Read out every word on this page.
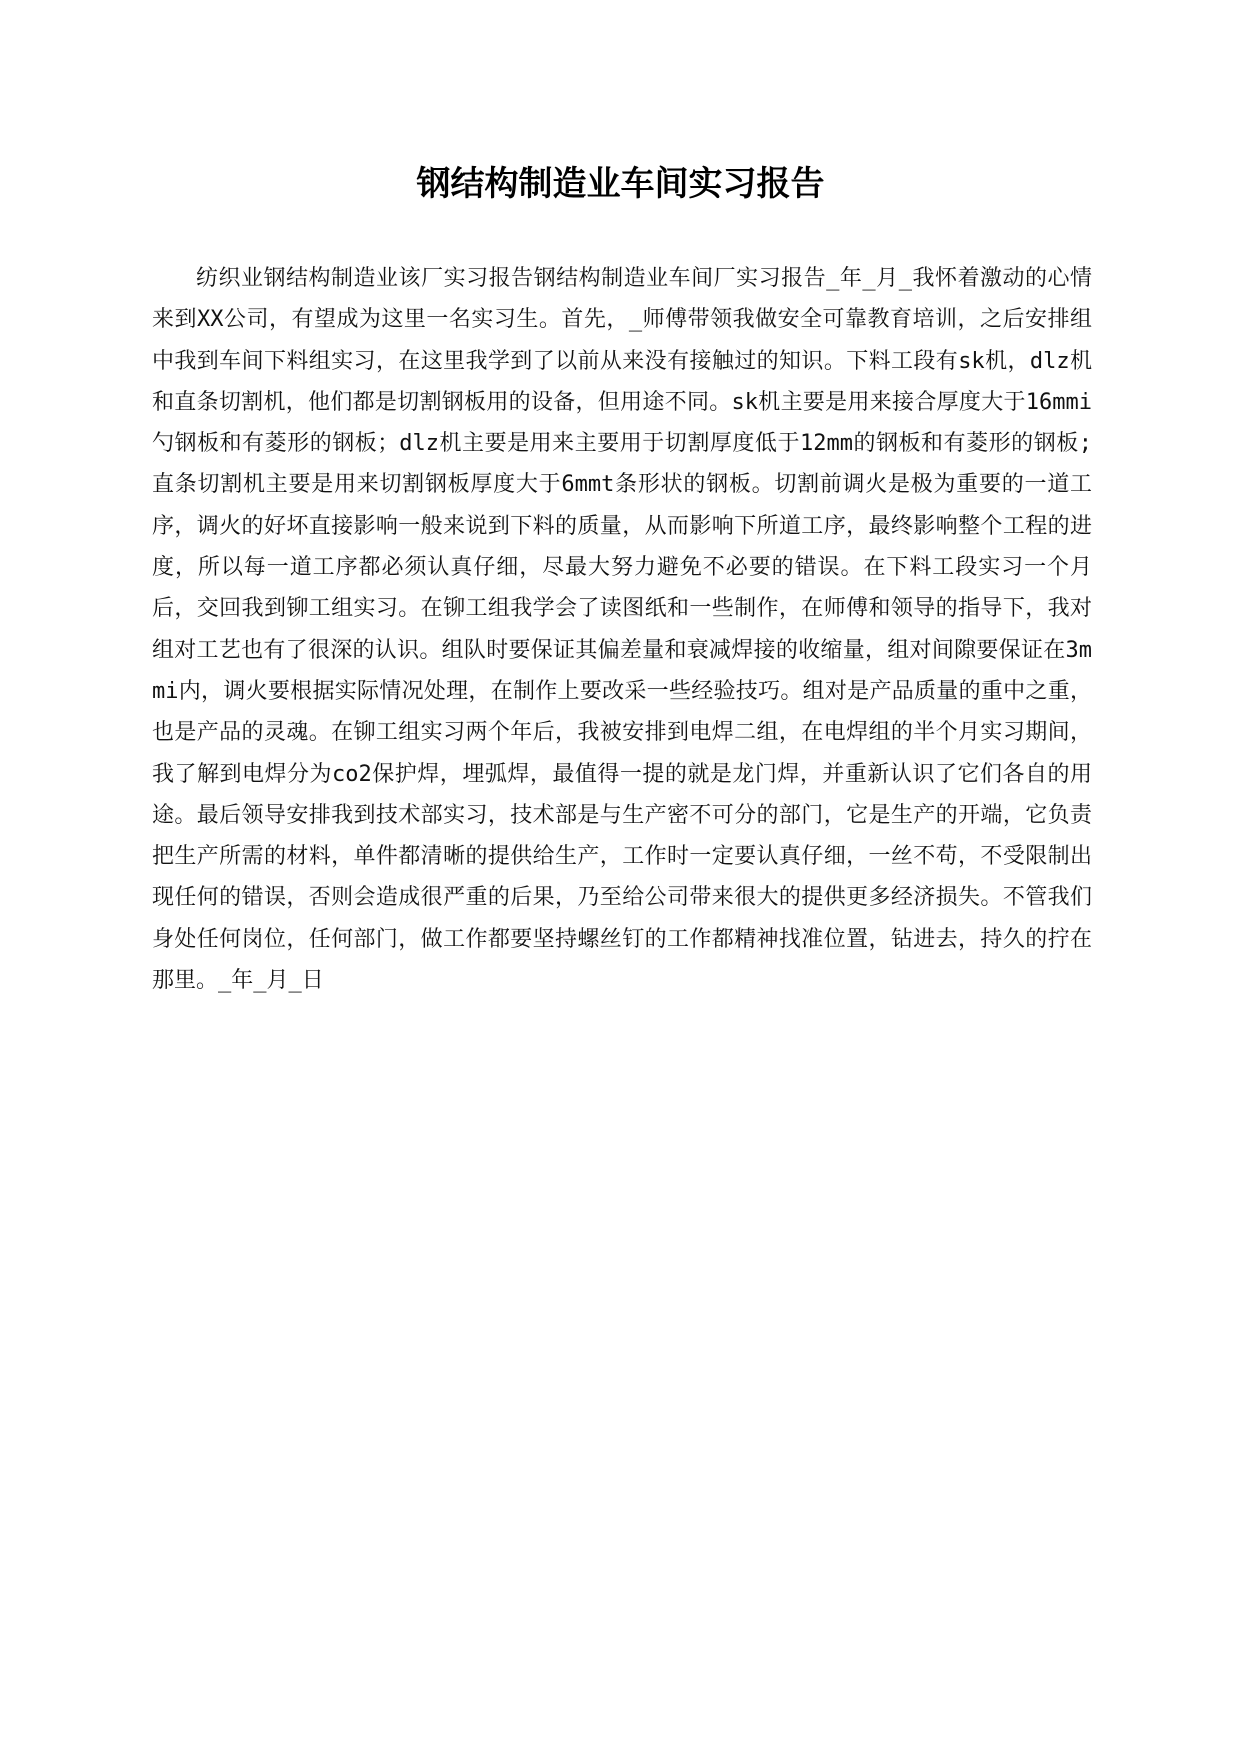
钢结构制造业车间实习报告

纺织业钢结构制造业该厂实习报告钢结构制造业车间厂实习报告_年_月_我怀着激动的心情来到XX公司，有望成为这里一名实习生。首先，_师傅带领我做安全可靠教育培训，之后安排组中我到车间下料组实习，在这里我学到了以前从来没有接触过的知识。下料工段有sk机，dlz机和直条切割机，他们都是切割钢板用的设备，但用途不同。sk机主要是用来接合厚度大于16mmi勺钢板和有菱形的钢板；dlz机主要是用来主要用于切割厚度低于12mm的钢板和有菱形的钢板;直条切割机主要是用来切割钢板厚度大于6mmt条形状的钢板。切割前调火是极为重要的一道工序，调火的好坏直接影响一般来说到下料的质量，从而影响下所道工序，最终影响整个工程的进度，所以每一道工序都必须认真仔细，尽最大努力避免不必要的错误。在下料工段实习一个月后，交回我到铆工组实习。在铆工组我学会了读图纸和一些制作，在师傅和领导的指导下，我对组对工艺也有了很深的认识。组队时要保证其偏差量和衰减焊接的收缩量，组对间隙要保证在3mmi内，调火要根据实际情况处理，在制作上要改采一些经验技巧。组对是产品质量的重中之重，也是产品的灵魂。在铆工组实习两个年后，我被安排到电焊二组，在电焊组的半个月实习期间，我了解到电焊分为co2保护焊，埋弧焊，最值得一提的就是龙门焊，并重新认识了它们各自的用途。最后领导安排我到技术部实习，技术部是与生产密不可分的部门，它是生产的开端，它负责把生产所需的材料，单件都清晰的提供给生产，工作时一定要认真仔细，一丝不苟，不受限制出现任何的错误，否则会造成很严重的后果，乃至给公司带来很大的提供更多经济损失。不管我们身处任何岗位，任何部门，做工作都要坚持螺丝钉的工作都精神找准位置，钻进去，持久的拧在那里。_年_月_日
